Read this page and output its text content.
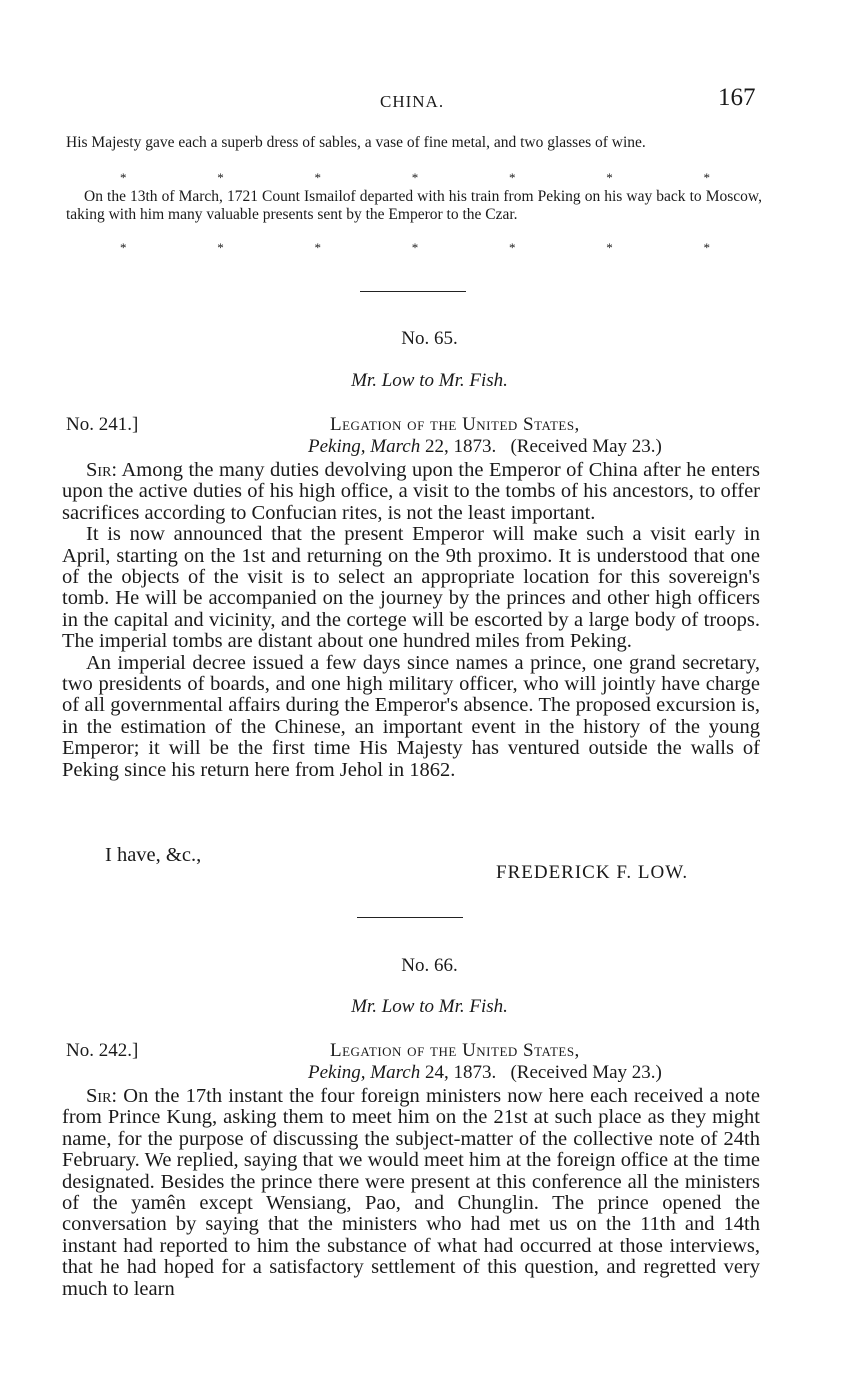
CHINA.	167
His Majesty gave each a superb dress of sables, a vase of fine metal, and two glasses of wine.
*	*	*	*	*	*	*
On the 13th of March, 1721 Count Ismailof departed with his train from Peking on his way back to Moscow, taking with him many valuable presents sent by the Emperor to the Czar.
*	*	*	*	*	*	*
No. 65.
Mr. Low to Mr. Fish.
No. 241.]	Legation of the United States,
Peking, March 22, 1873. (Received May 23.)

Sir: Among the many duties devolving upon the Emperor of China after he enters upon the active duties of his high office, a visit to the tombs of his ancestors, to offer sacrifices according to Confucian rites, is not the least important.

It is now announced that the present Emperor will make such a visit early in April, starting on the 1st and returning on the 9th proximo. It is understood that one of the objects of the visit is to select an appropriate location for this sovereign's tomb. He will be accompanied on the journey by the princes and other high officers in the capital and vicinity, and the cortege will be escorted by a large body of troops. The imperial tombs are distant about one hundred miles from Peking.

An imperial decree issued a few days since names a prince, one grand secretary, two presidents of boards, and one high military officer, who will jointly have charge of all governmental affairs during the Emperor's absence. The proposed excursion is, in the estimation of the Chinese, an important event in the history of the young Emperor; it will be the first time His Majesty has ventured outside the walls of Peking since his return here from Jehol in 1862.

I have, &c.,
FREDERICK F. LOW.
No. 66.
Mr. Low to Mr. Fish.
No. 242.]	Legation of the United States,
Peking, March 24, 1873. (Received May 23.)

Sir: On the 17th instant the four foreign ministers now here each received a note from Prince Kung, asking them to meet him on the 21st at such place as they might name, for the purpose of discussing the subject-matter of the collective note of 24th February. We replied, saying that we would meet him at the foreign office at the time designated. Besides the prince there were present at this conference all the ministers of the yamên except Wensiang, Pao, and Chunglin. The prince opened the conversation by saying that the ministers who had met us on the 11th and 14th instant had reported to him the substance of what had occurred at those interviews, that he had hoped for a satisfactory settlement of this question, and regretted very much to learn
